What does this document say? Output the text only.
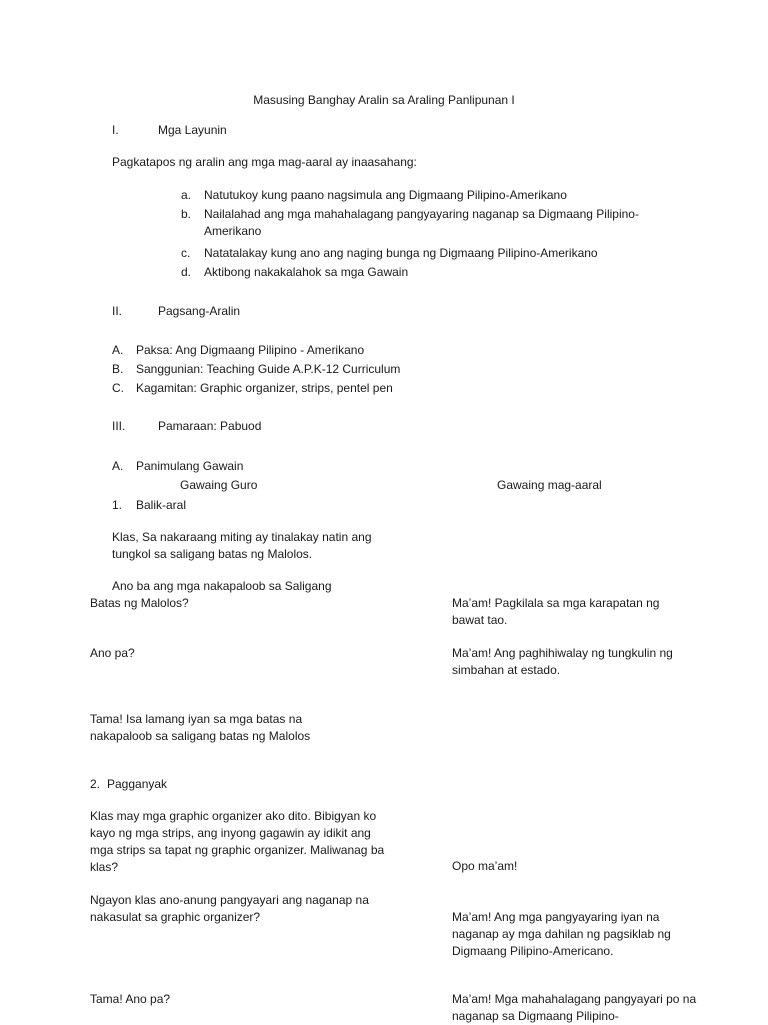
Masusing Banghay Aralin sa Araling Panlipunan I

I.	Mga Layunin

Pagkatapos ng aralin ang mga mag-aaral ay inaasahang:

a. Natutukoy kung paano nagsimula ang Digmaang Pilipino-Amerikano

b. Nailalahad ang mga mahahalagang pangyayaring naganap sa Digmaang Pilipino-Amerikano

c. Natatalakay kung ano ang naging bunga ng Digmaang Pilipino-Amerikano

d. Aktibong nakakalahok sa mga Gawain

II.	Pagsang-Aralin

A. Paksa: Ang Digmaang Pilipino - Amerikano

B. Sanggunian: Teaching Guide A.P.K-12 Curriculum

C. Kagamitan: Graphic organizer, strips, pentel pen

III.	Pamaraan: Pabuod

A. Panimulang Gawain

Gawaing Guro	Gawaing mag-aaral

1. Balik-aral

Klas, Sa nakaraang miting ay tinalakay natin ang tungkol sa saligang batas ng Malolos.

Ano ba ang mga nakapaloob sa Saligang

Batas ng Malolos?	Ma’am! Pagkilala sa mga karapatan ng bawat tao.

Ano pa?	Ma’am! Ang paghihiwalay ng tungkulin ng simbahan at estado.

Tama! Isa lamang iyan sa mga batas na nakapaloob sa saligang batas ng Malolos

2. Pagganyak

Klas may mga graphic organizer ako dito. Bibigyan ko kayo ng mga strips, ang inyong gagawin ay idikit ang mga strips sa tapat ng graphic organizer. Maliwanag ba klas?	Opo ma’am!

Ngayon klas ano-anung pangyayari ang naganap na nakasulat sa graphic organizer?	Ma’am! Ang mga pangyayaring iyan na naganap ay mga dahilan ng pagsiklab ng Digmaang Pilipino-Americano.

Tama! Ano pa?	Ma’am! Mga mahahalagang pangyayari po na naganap sa Digmaang Pilipino-
